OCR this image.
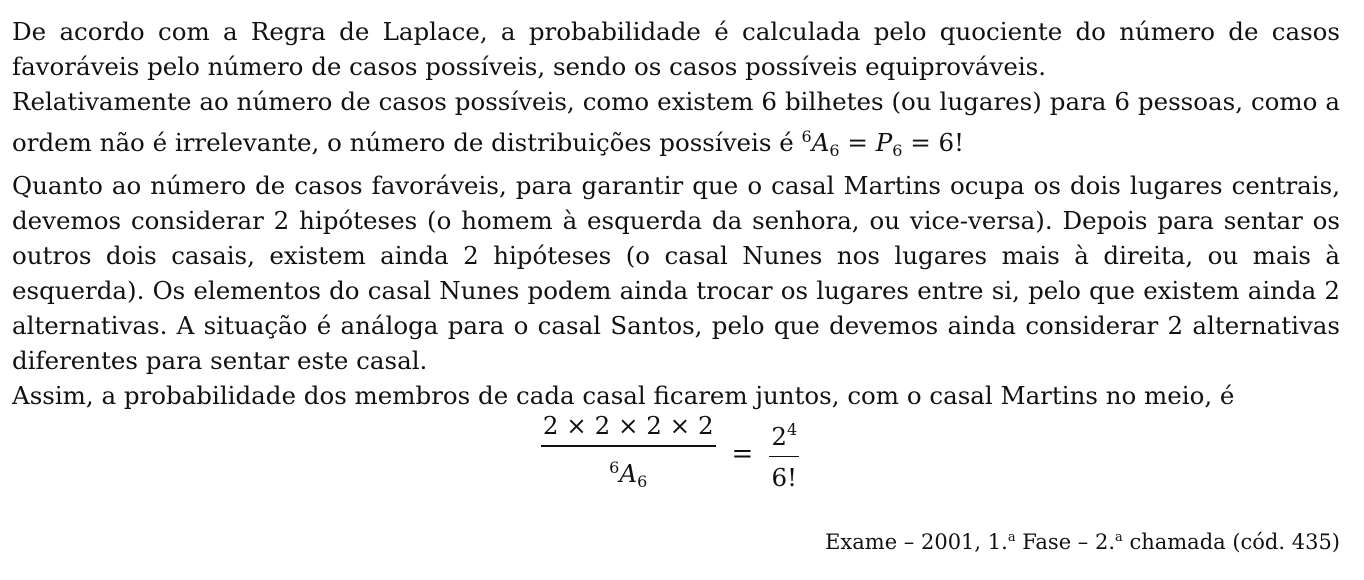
De acordo com a Regra de Laplace, a probabilidade é calculada pelo quociente do número de casos favoráveis pelo número de casos possíveis, sendo os casos possíveis equiprováveis.

Relativamente ao número de casos possíveis, como existem 6 bilhetes (ou lugares) para 6 pessoas, como a ordem não é irrelevante, o número de distribuições possíveis é $^6A_6 = P_6 = 6$!

Quanto ao número de casos favoráveis, para garantir que o casal Martins ocupa os dois lugares centrais, devemos considerar 2 hipóteses (o homem à esquerda da senhora, ou vice-versa). Depois para sentar os outros dois casais, existem ainda 2 hipóteses (o casal Nunes nos lugares mais à direita, ou mais à esquerda). Os elementos do casal Nunes podem ainda trocar os lugares entre si, pelo que existem ainda 2 alternativas. A situação é análoga para o casal Santos, pelo que devemos ainda considerar 2 alternativas diferentes para sentar este casal.

Assim, a probabilidade dos membros de cada casal ficarem juntos, com o casal Martins no meio, é

$\frac{2 \times 2 \times 2 \times 2}{^6A_6} = \frac{2^4}{6!}$
Exame – 2001, 1.$^a$ Fase – 2.$^a$ chamada (cód. 435)
